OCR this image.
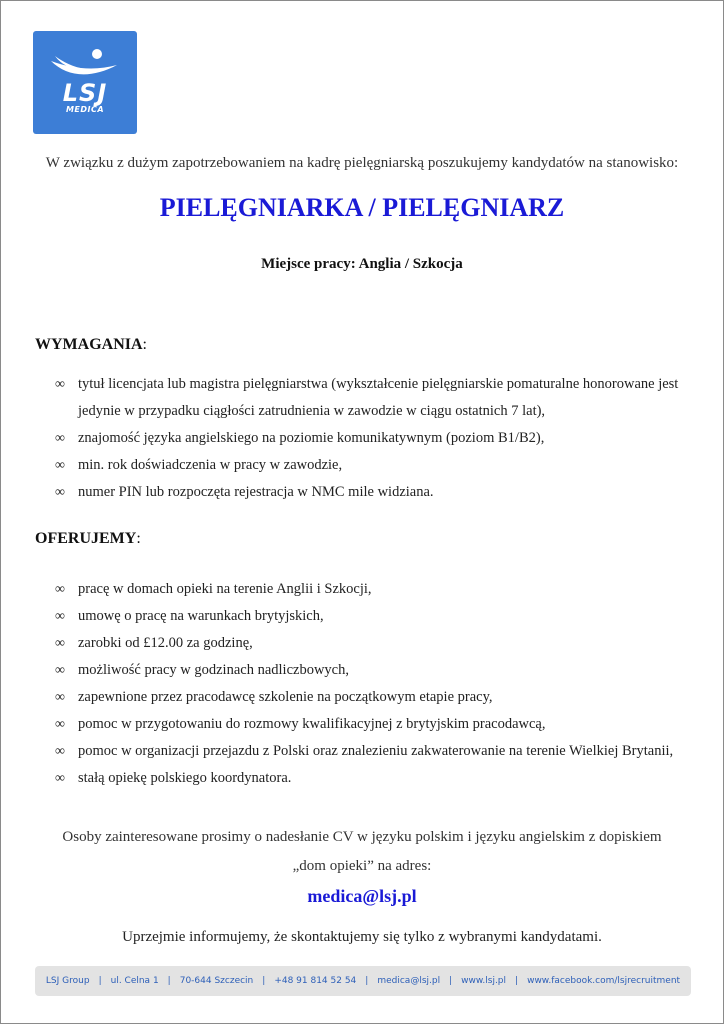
LSJ
MEDICA
W związku z dużym zapotrzebowaniem na kadrę pielęgniarską poszukujemy kandydatów na stanowisko:
PIELĘGNIARKA / PIELĘGNIARZ
Miejsce pracy: Anglia / Szkocja
WYMAGANIA:
∞ tytuł licencjata lub magistra pielęgniarstwa (wykształcenie pielęgniarskie pomaturalne honorowane jest jedynie w przypadku ciągłości zatrudnienia w zawodzie w ciągu ostatnich 7 lat),
∞ znajomość języka angielskiego na poziomie komunikatywnym (poziom B1/B2),
∞ min. rok doświadczenia w pracy w zawodzie,
∞ numer PIN lub rozpoczęta rejestracja w NMC mile widziana.
OFERUJEMY:
∞ pracę w domach opieki na terenie Anglii i Szkocji,
∞ umowę o pracę na warunkach brytyjskich,
∞ zarobki od £12.00 za godzinę,
∞ możliwość pracy w godzinach nadliczbowych,
∞ zapewnione przez pracodawcę szkolenie na początkowym etapie pracy,
∞ pomoc w przygotowaniu do rozmowy kwalifikacyjnej z brytyjskim pracodawcą,
∞ pomoc w organizacji przejazdu z Polski oraz znalezieniu zakwaterowanie na terenie Wielkiej Brytanii,
∞ stałą opiekę polskiego koordynatora.
Osoby zainteresowane prosimy o nadesłanie CV w języku polskim i języku angielskim z dopiskiem
„dom opieki” na adres:
medica@lsj.pl
Uprzejmie informujemy, że skontaktujemy się tylko z wybranymi kandydatami.
LSJ Group | ul. Celna 1 | 70-644 Szczecin | +48 91 814 52 54 | medica@lsj.pl | www.lsj.pl | www.facebook.com/lsjrecruitment
